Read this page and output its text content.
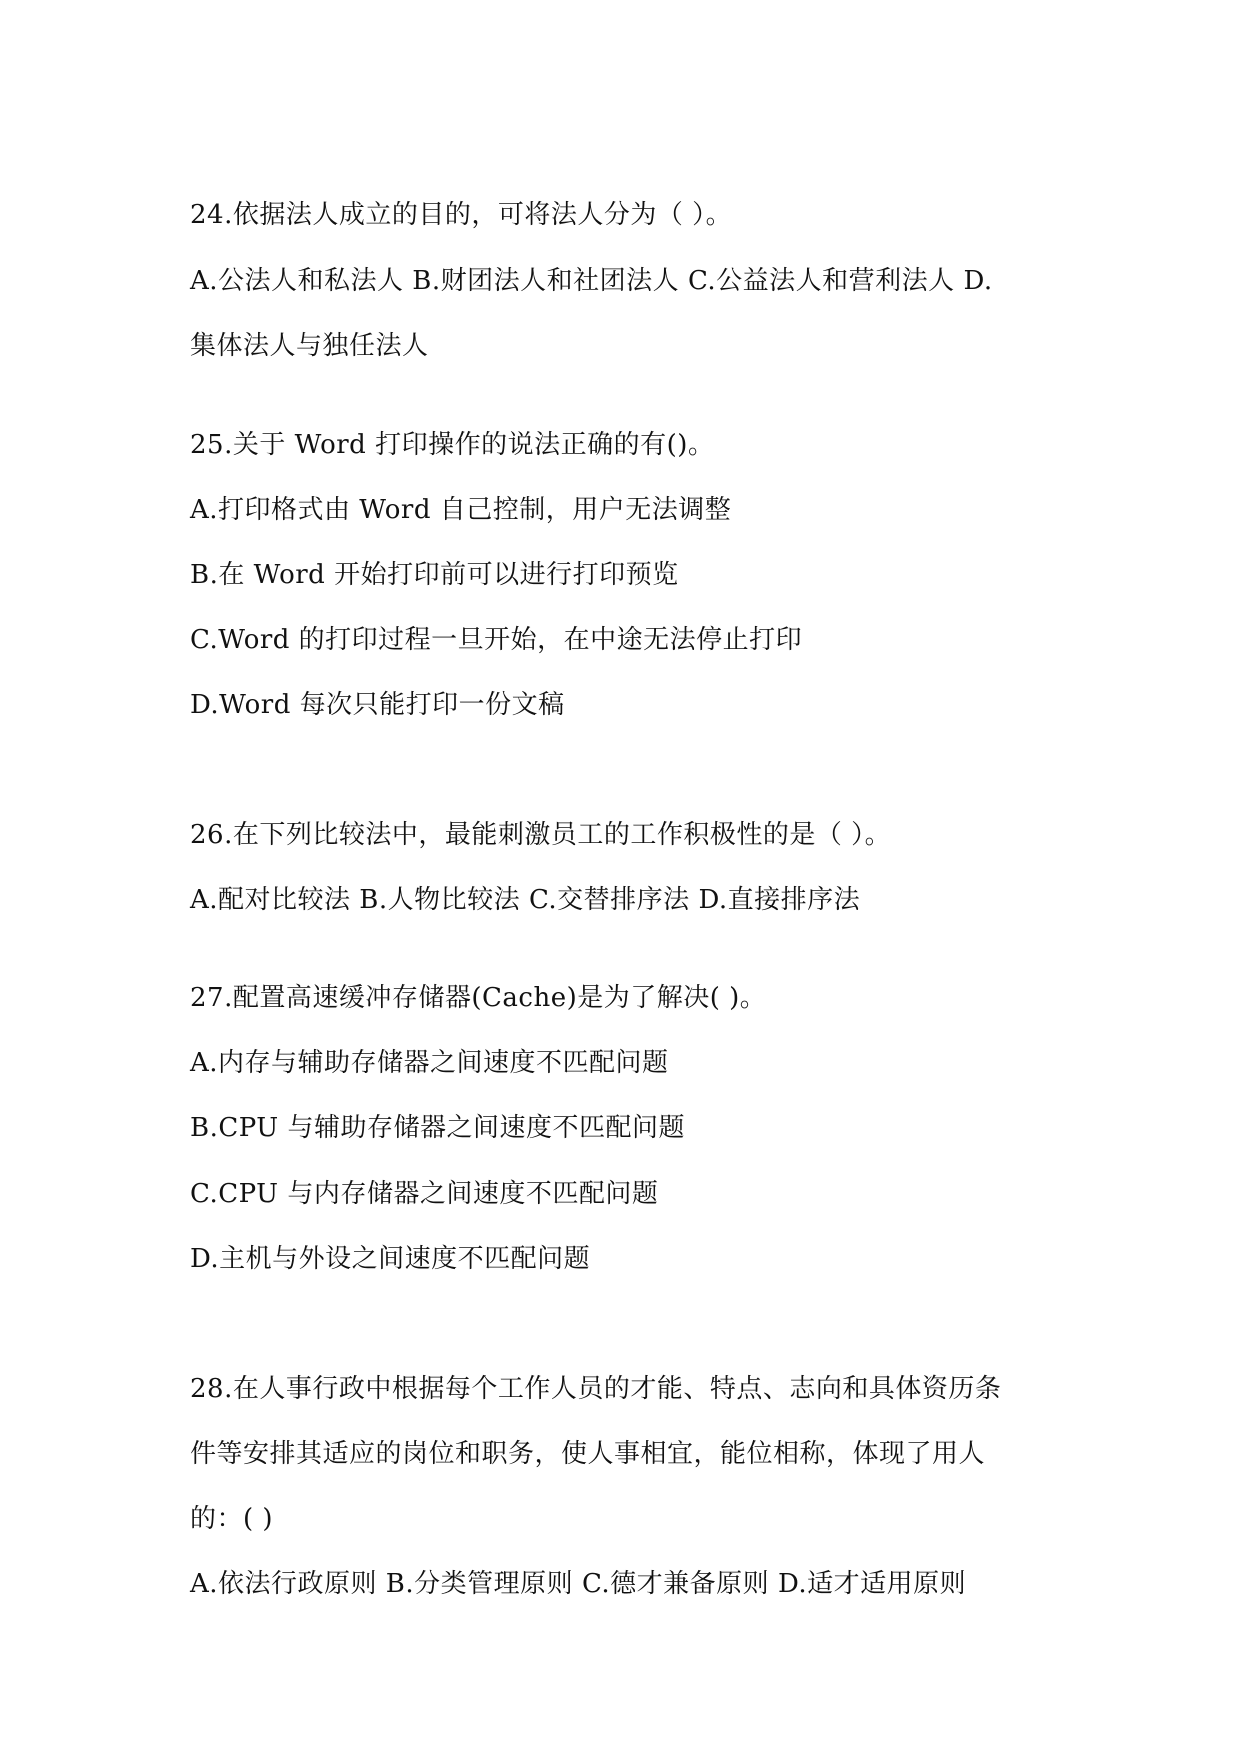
24.依据法人成立的目的，可将法人分为（ ）。
A.公法人和私法人 B.财团法人和社团法人 C.公益法人和营利法人 D.
集体法人与独任法人
25.关于 Word 打印操作的说法正确的有()。
A.打印格式由 Word 自己控制，用户无法调整
B.在 Word 开始打印前可以进行打印预览
C.Word 的打印过程一旦开始，在中途无法停止打印
D.Word 每次只能打印一份文稿
26.在下列比较法中，最能刺激员工的工作积极性的是（ ）。
A.配对比较法 B.人物比较法 C.交替排序法 D.直接排序法
27.配置高速缓冲存储器(Cache)是为了解决( )。
A.内存与辅助存储器之间速度不匹配问题
B.CPU 与辅助存储器之间速度不匹配问题
C.CPU 与内存储器之间速度不匹配问题
D.主机与外设之间速度不匹配问题
28.在人事行政中根据每个工作人员的才能、特点、志向和具体资历条
件等安排其适应的岗位和职务，使人事相宜，能位相称，体现了用人
的：( )
A.依法行政原则 B.分类管理原则 C.德才兼备原则 D.适才适用原则
